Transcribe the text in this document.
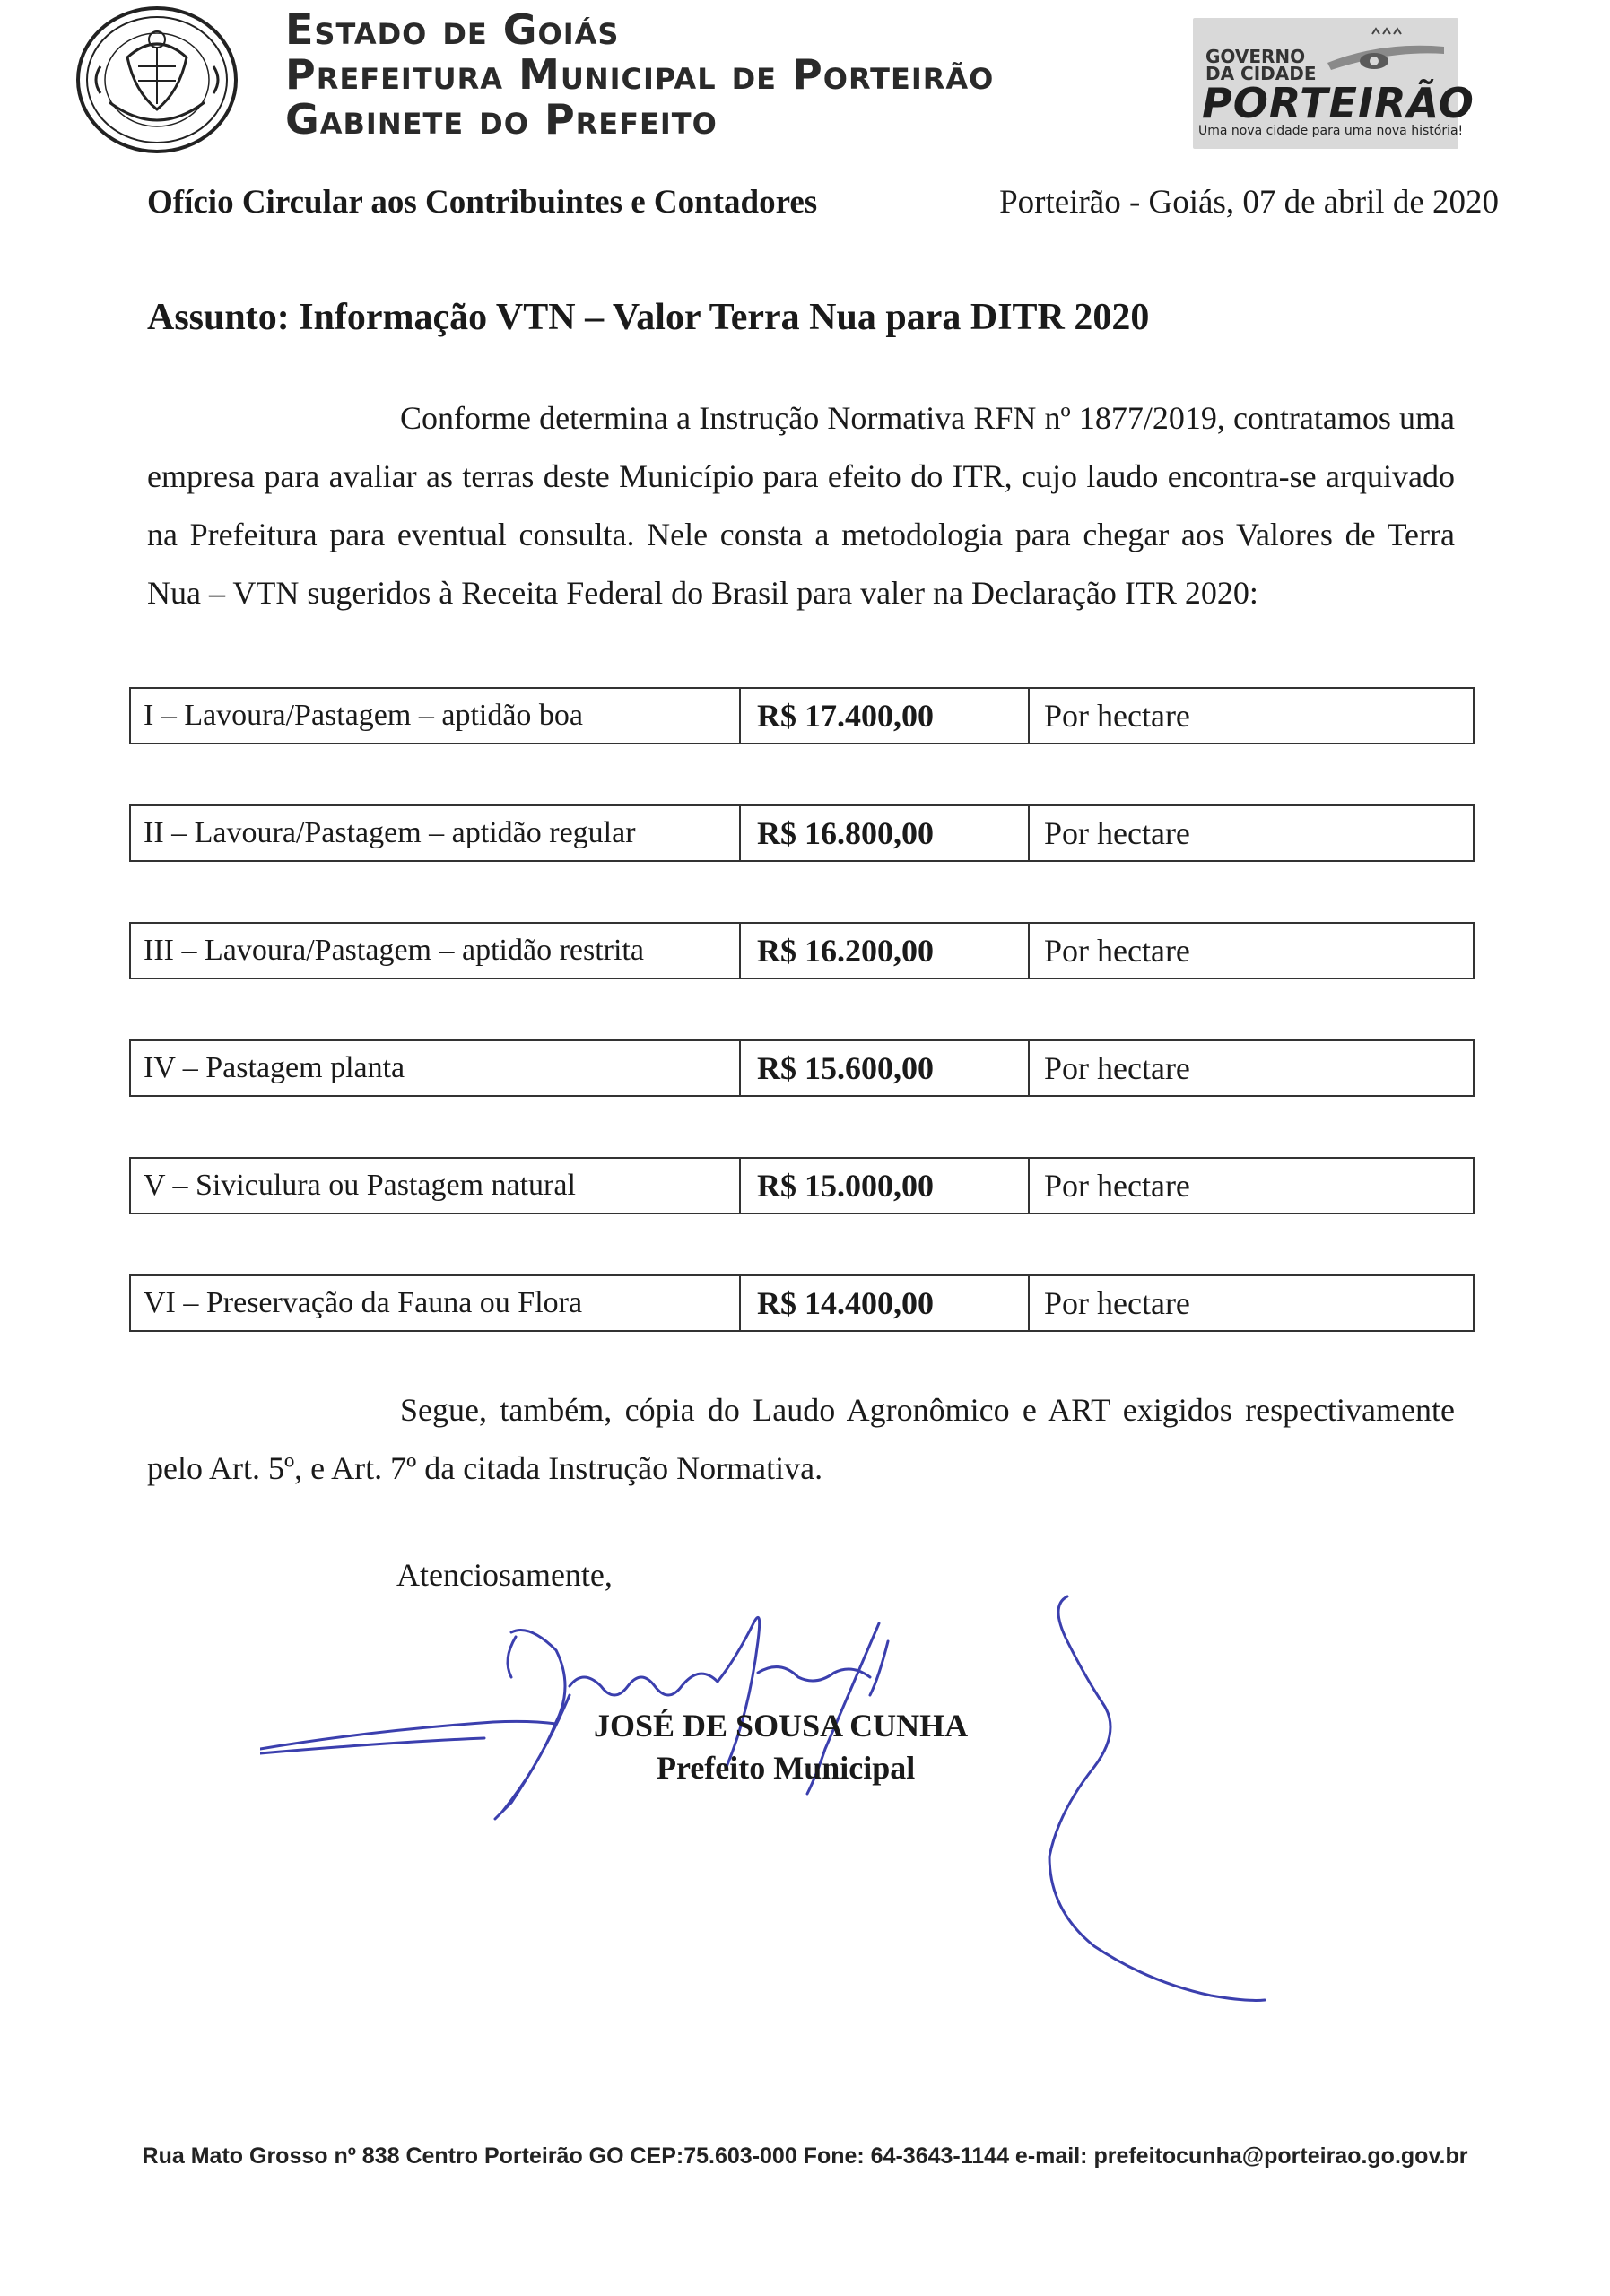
Estado de Goiás
Prefeitura Municipal de Porteirão
Gabinete do Prefeito
GOVERNO
DA CIDADE
PORTEIRÃO
Uma nova cidade para uma nova história!
Ofício Circular aos Contribuintes e Contadores	Porteirão - Goiás, 07 de abril de 2020
Assunto: Informação VTN – Valor Terra Nua para DITR 2020
Conforme determina a Instrução Normativa RFN nº 1877/2019, contratamos uma empresa para avaliar as terras deste Município para efeito do ITR, cujo laudo encontra-se arquivado na Prefeitura para eventual consulta. Nele consta a metodologia para chegar aos Valores de Terra Nua – VTN sugeridos à Receita Federal do Brasil para valer na Declaração ITR 2020:
I – Lavoura/Pastagem – aptidão boa	R$ 17.400,00	Por hectare
II – Lavoura/Pastagem – aptidão regular	R$ 16.800,00	Por hectare
III – Lavoura/Pastagem – aptidão restrita	R$ 16.200,00	Por hectare
IV – Pastagem planta	R$ 15.600,00	Por hectare
V – Siviculura ou Pastagem natural	R$ 15.000,00	Por hectare
VI – Preservação da Fauna ou Flora	R$ 14.400,00	Por hectare
Segue, também, cópia do Laudo Agronômico e ART exigidos respectivamente pelo Art. 5º, e Art. 7º da citada Instrução Normativa.
Atenciosamente,
JOSÉ DE SOUSA CUNHA
Prefeito Municipal
Rua Mato Grosso nº 838 Centro Porteirão GO CEP:75.603-000 Fone: 64-3643-1144 e-mail: prefeitocunha@porteirao.go.gov.br
